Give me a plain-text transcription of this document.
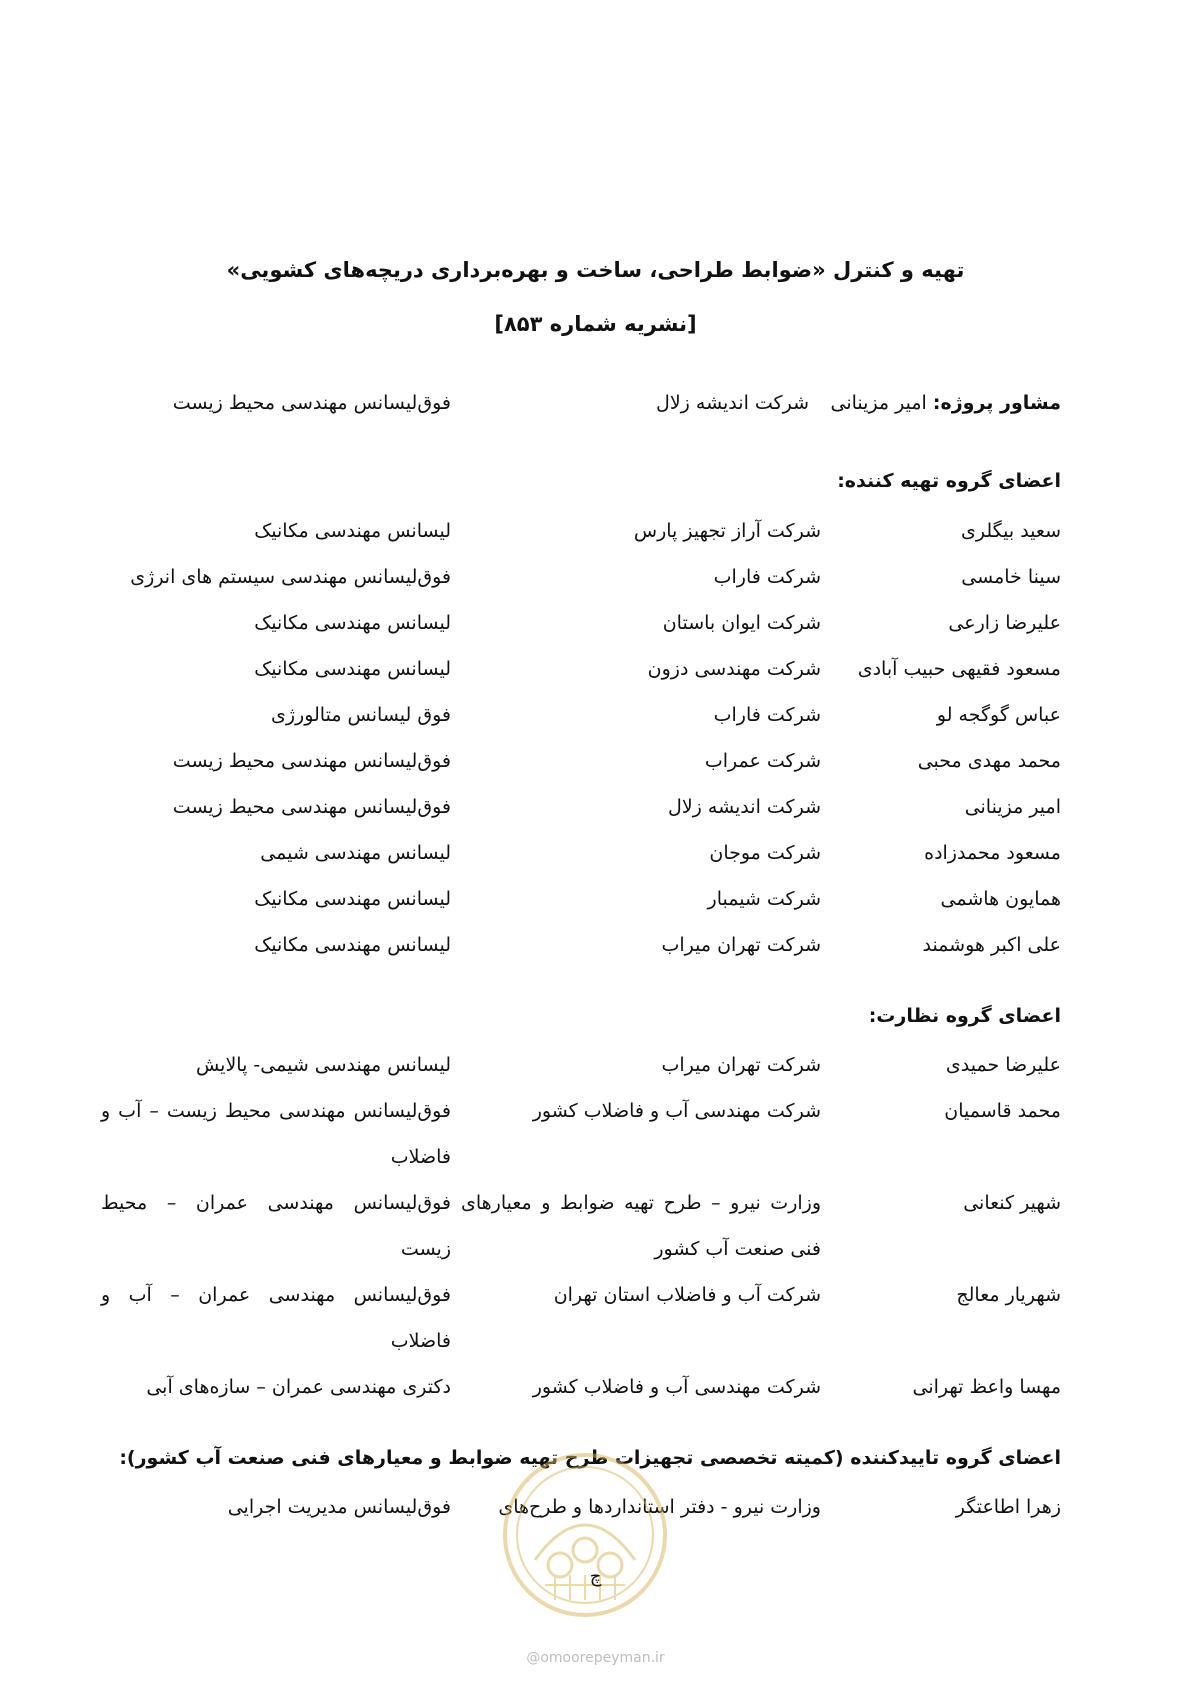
تهیه و کنترل «ضوابط طراحی، ساخت و بهره‌برداری دریچه‌های کشویی»
[نشریه شماره ۸۵۳]
مشاور پروژه: امیر مزینانی
شرکت اندیشه زلال
فوق‌لیسانس مهندسی محیط زیست
اعضای گروه تهیه کننده:
سعید بیگلری
شرکت آراز تجهیز پارس
لیسانس مهندسی مکانیک
سینا خامسی
شرکت فاراب
فوق‌لیسانس مهندسی سیستم های انرژی
علیرضا زارعی
شرکت ایوان باستان
لیسانس مهندسی مکانیک
مسعود فقیهی حبیب آبادی
شرکت مهندسی دزون
لیسانس مهندسی مکانیک
عباس گوگجه لو
شرکت فاراب
فوق لیسانس متالورژی
محمد مهدی محبی
شرکت عمراب
فوق‌لیسانس مهندسی محیط زیست
امیر مزینانی
شرکت اندیشه زلال
فوق‌لیسانس مهندسی محیط زیست
مسعود محمدزاده
شرکت موجان
لیسانس مهندسی شیمی
همایون هاشمی
شرکت شیمبار
لیسانس مهندسی مکانیک
علی اکبر هوشمند
شرکت تهران میراب
لیسانس مهندسی مکانیک
اعضای گروه نظارت:
علیرضا حمیدی
شرکت تهران میراب
لیسانس مهندسی شیمی- پالایش
محمد قاسمیان
شرکت مهندسی آب و فاضلاب کشور
فوق‌لیسانس مهندسی محیط زیست – آب و فاضلاب
شهیر کنعانی
وزارت نیرو – طرح تهیه ضوابط و معیارهای فنی صنعت آب کشور
فوق‌لیسانس مهندسی عمران – محیط زیست
شهریار معالج
شرکت آب و فاضلاب استان تهران
فوق‌لیسانس مهندسی عمران – آب و فاضلاب
مهسا واعظ تهرانی
شرکت مهندسی آب و فاضلاب کشور
دکتری مهندسی عمران – سازه‌های آبی
اعضای گروه تاییدکننده (کمیته تخصصی تجهیزات طرح تهیه ضوابط و معیارهای فنی صنعت آب کشور):
زهرا اطاعتگر
وزارت نیرو - دفتر استانداردها و طرح‌های
فوق‌لیسانس مدیریت اجرایی
چ
@omoorepeyman.ir
